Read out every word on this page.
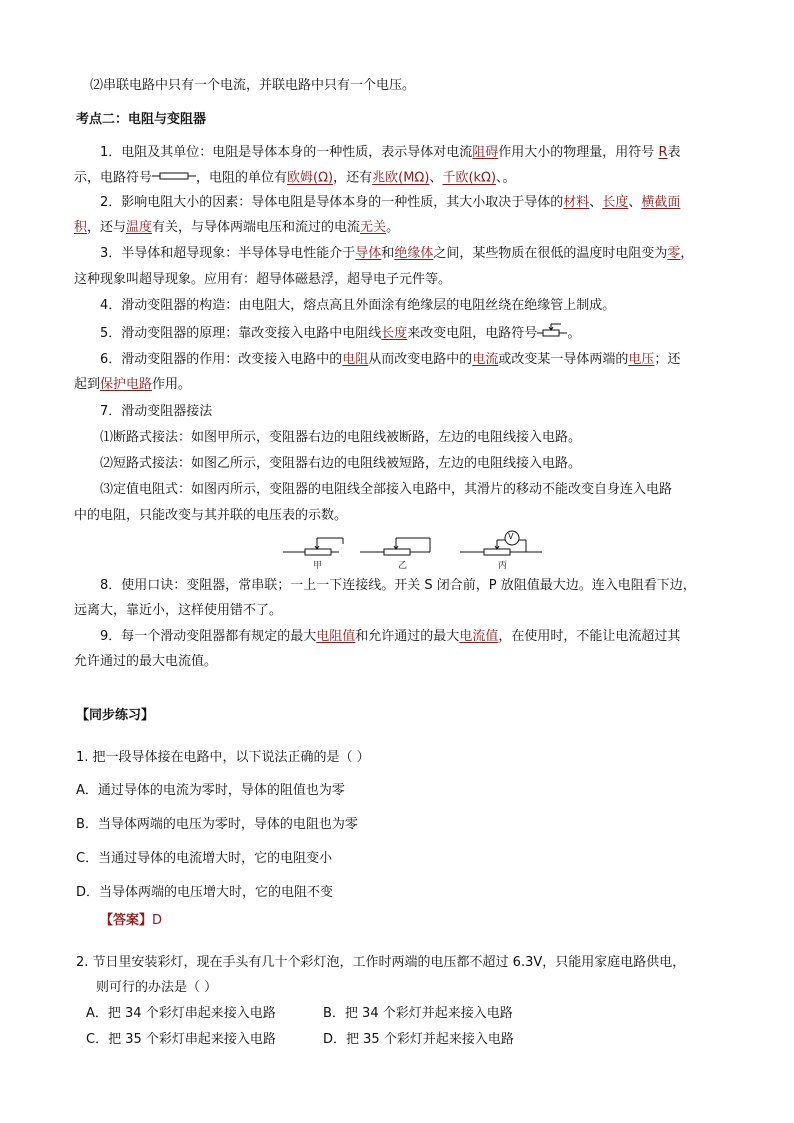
⑵串联电路中只有一个电流，并联电路中只有一个电压。
考点二：电阻与变阻器
1．电阻及其单位：电阻是导体本身的一种性质，表示导体对电流阻碍作用大小的物理量，用符号 R表
示，电路符号	，电阻的单位有欧姆(Ω)，还有兆欧(MΩ)、千欧(kΩ)、。
2．影响电阻大小的因素：导体电阻是导体本身的一种性质，其大小取决于导体的材料、长度、横截面
积，还与温度有关，与导体两端电压和流过的电流无关。
3．半导体和超导现象：半导体导电性能介于导体和绝缘体之间，某些物质在很低的温度时电阻变为零，
这种现象叫超导现象。应用有：超导体磁悬浮，超导电子元件等。
4．滑动变阻器的构造：由电阻大，熔点高且外面涂有绝缘层的电阻丝绕在绝缘管上制成。
5．滑动变阻器的原理：靠改变接入电路中电阻线长度来改变电阻，电路符号 。
6．滑动变阻器的作用：改变接入电路中的电阻从而改变电路中的电流或改变某一导体两端的电压；还
起到保护电路作用。
7．滑动变阻器接法
⑴断路式接法：如图甲所示，变阻器右边的电阻线被断路，左边的电阻线接入电路。
⑵短路式接法：如图乙所示，变阻器右边的电阻线被短路，左边的电阻线接入电路。
⑶定值电阻式：如图丙所示，变阻器的电阻线全部接入电路中，其滑片的移动不能改变自身连入电路
中的电阻，只能改变与其并联的电压表的示数。
甲	乙
V
丙
8．使用口诀：变阻器，常串联；一上一下连接线。开关 S 闭合前，P 放阻值最大边。连入电阻看下边，
远离大，靠近小，这样使用错不了。
9．每一个滑动变阻器都有规定的最大电阻值和允许通过的最大电流值，在使用时，不能让电流超过其
允许通过的最大电流值。
【同步练习】
1. 把一段导体接在电路中，以下说法正确的是（ ）
A．通过导体的电流为零时，导体的阻值也为零
B．当导体两端的电压为零时，导体的电阻也为零
C．当通过导体的电流增大时，它的电阻变小
D．当导体两端的电压增大时，它的电阻不变
【答案】D
2. 节日里安装彩灯，现在手头有几十个彩灯泡，工作时两端的电压都不超过 6.3V，只能用家庭电路供电，
则可行的办法是（ ）
A．把 34 个彩灯串起来接入电路	B．把 34 个彩灯并起来接入电路
C．把 35 个彩灯串起来接入电路	D．把 35 个彩灯并起来接入电路
